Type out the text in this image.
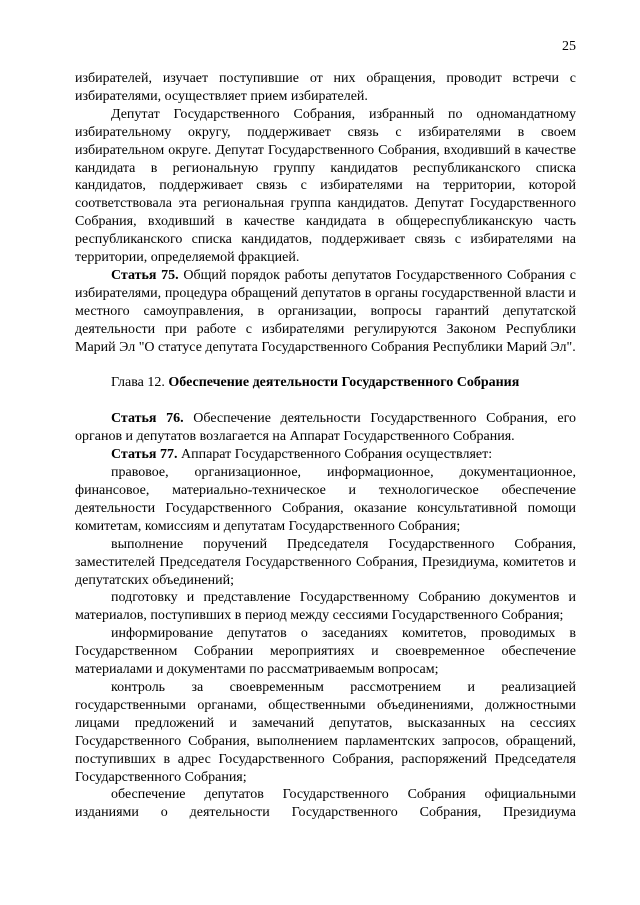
25

избирателей, изучает поступившие от них обращения, проводит встречи с избирателями, осуществляет прием избирателей.

Депутат Государственного Собрания, избранный по одномандатному избирательному округу, поддерживает связь с избирателями в своем избирательном округе. Депутат Государственного Собрания, входивший в качестве кандидата в региональную группу кандидатов республиканского списка кандидатов, поддерживает связь с избирателями на территории, которой соответствовала эта региональная группа кандидатов. Депутат Государственного Собрания, входивший в качестве кандидата в общереспубликанскую часть республиканского списка кандидатов, поддерживает связь с избирателями на территории, определяемой фракцией.

Статья 75. Общий порядок работы депутатов Государственного Собрания с избирателями, процедура обращений депутатов в органы государственной власти и местного самоуправления, в организации, вопросы гарантий депутатской деятельности при работе с избирателями регулируются Законом Республики Марий Эл "О статусе депутата Государственного Собрания Республики Марий Эл".

Глава 12. Обеспечение деятельности Государственного Собрания

Статья 76. Обеспечение деятельности Государственного Собрания, его органов и депутатов возлагается на Аппарат Государственного Собрания.

Статья 77. Аппарат Государственного Собрания осуществляет:

правовое, организационное, информационное, документационное, финансовое, материально-техническое и технологическое обеспечение деятельности Государственного Собрания, оказание консультативной помощи комитетам, комиссиям и депутатам Государственного Собрания;

выполнение поручений Председателя Государственного Собрания, заместителей Председателя Государственного Собрания, Президиума, комитетов и депутатских объединений;

подготовку и представление Государственному Собранию документов и материалов, поступивших в период между сессиями Государственного Собрания;

информирование депутатов о заседаниях комитетов, проводимых в Государственном Собрании мероприятиях и своевременное обеспечение материалами и документами по рассматриваемым вопросам;

контроль за своевременным рассмотрением и реализацией государственными органами, общественными объединениями, должностными лицами предложений и замечаний депутатов, высказанных на сессиях Государственного Собрания, выполнением парламентских запросов, обращений, поступивших в адрес Государственного Собрания, распоряжений Председателя Государственного Собрания;

обеспечение депутатов Государственного Собрания официальными изданиями о деятельности Государственного Собрания, Президиума
